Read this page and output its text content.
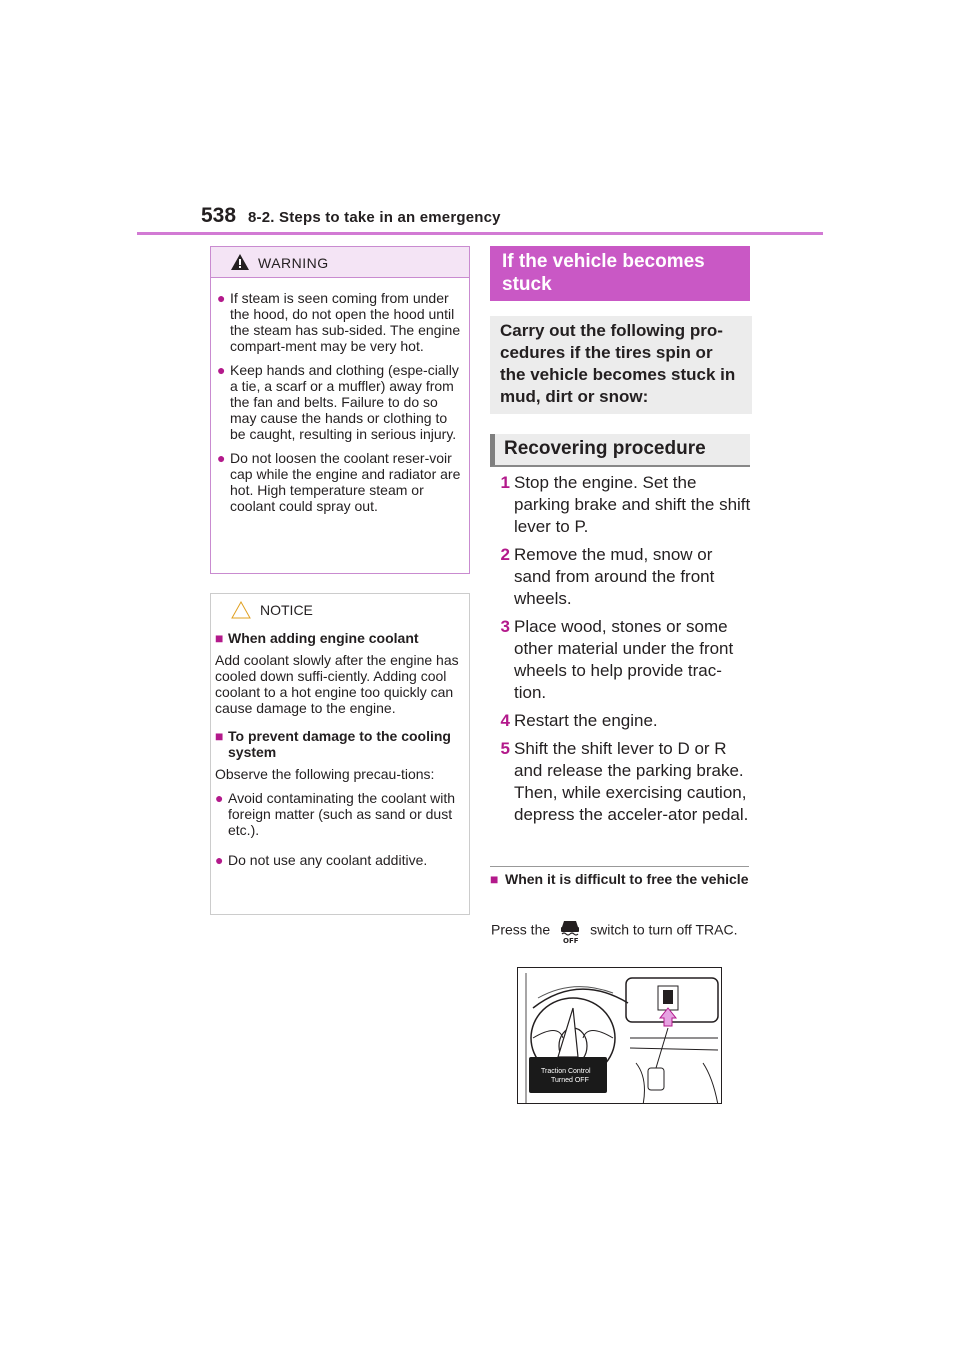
538 8-2. Steps to take in an emergency
WARNING
● If steam is seen coming from under the hood, do not open the hood until the steam has sub-sided. The engine compart-ment may be very hot.
● Keep hands and clothing (espe-cially a tie, a scarf or a muffler) away from the fan and belts. Failure to do so may cause the hands or clothing to be caught, resulting in serious injury.
● Do not loosen the coolant reser-voir cap while the engine and radiator are hot. High temperature steam or coolant could spray out.
NOTICE
■ When adding engine coolant
Add coolant slowly after the engine has cooled down suffi-ciently. Adding cool coolant to a hot engine too quickly can cause damage to the engine.
■ To prevent damage to the cooling system
Observe the following precau-tions:
● Avoid contaminating the coolant with foreign matter (such as sand or dust etc.).
● Do not use any coolant additive.
If the vehicle becomes stuck
Carry out the following pro-cedures if the tires spin or the vehicle becomes stuck in mud, dirt or snow:
Recovering procedure
1 Stop the engine. Set the parking brake and shift the shift lever to P.
2 Remove the mud, snow or sand from around the front wheels.
3 Place wood, stones or some other material under the front wheels to help provide trac-tion.
4 Restart the engine.
5 Shift the shift lever to D or R and release the parking brake. Then, while exercising caution, depress the acceler-ator pedal.
■ When it is difficult to free the vehicle
Press the
OFF
switch to turn off TRAC.
Traction Control
Turned OFF
